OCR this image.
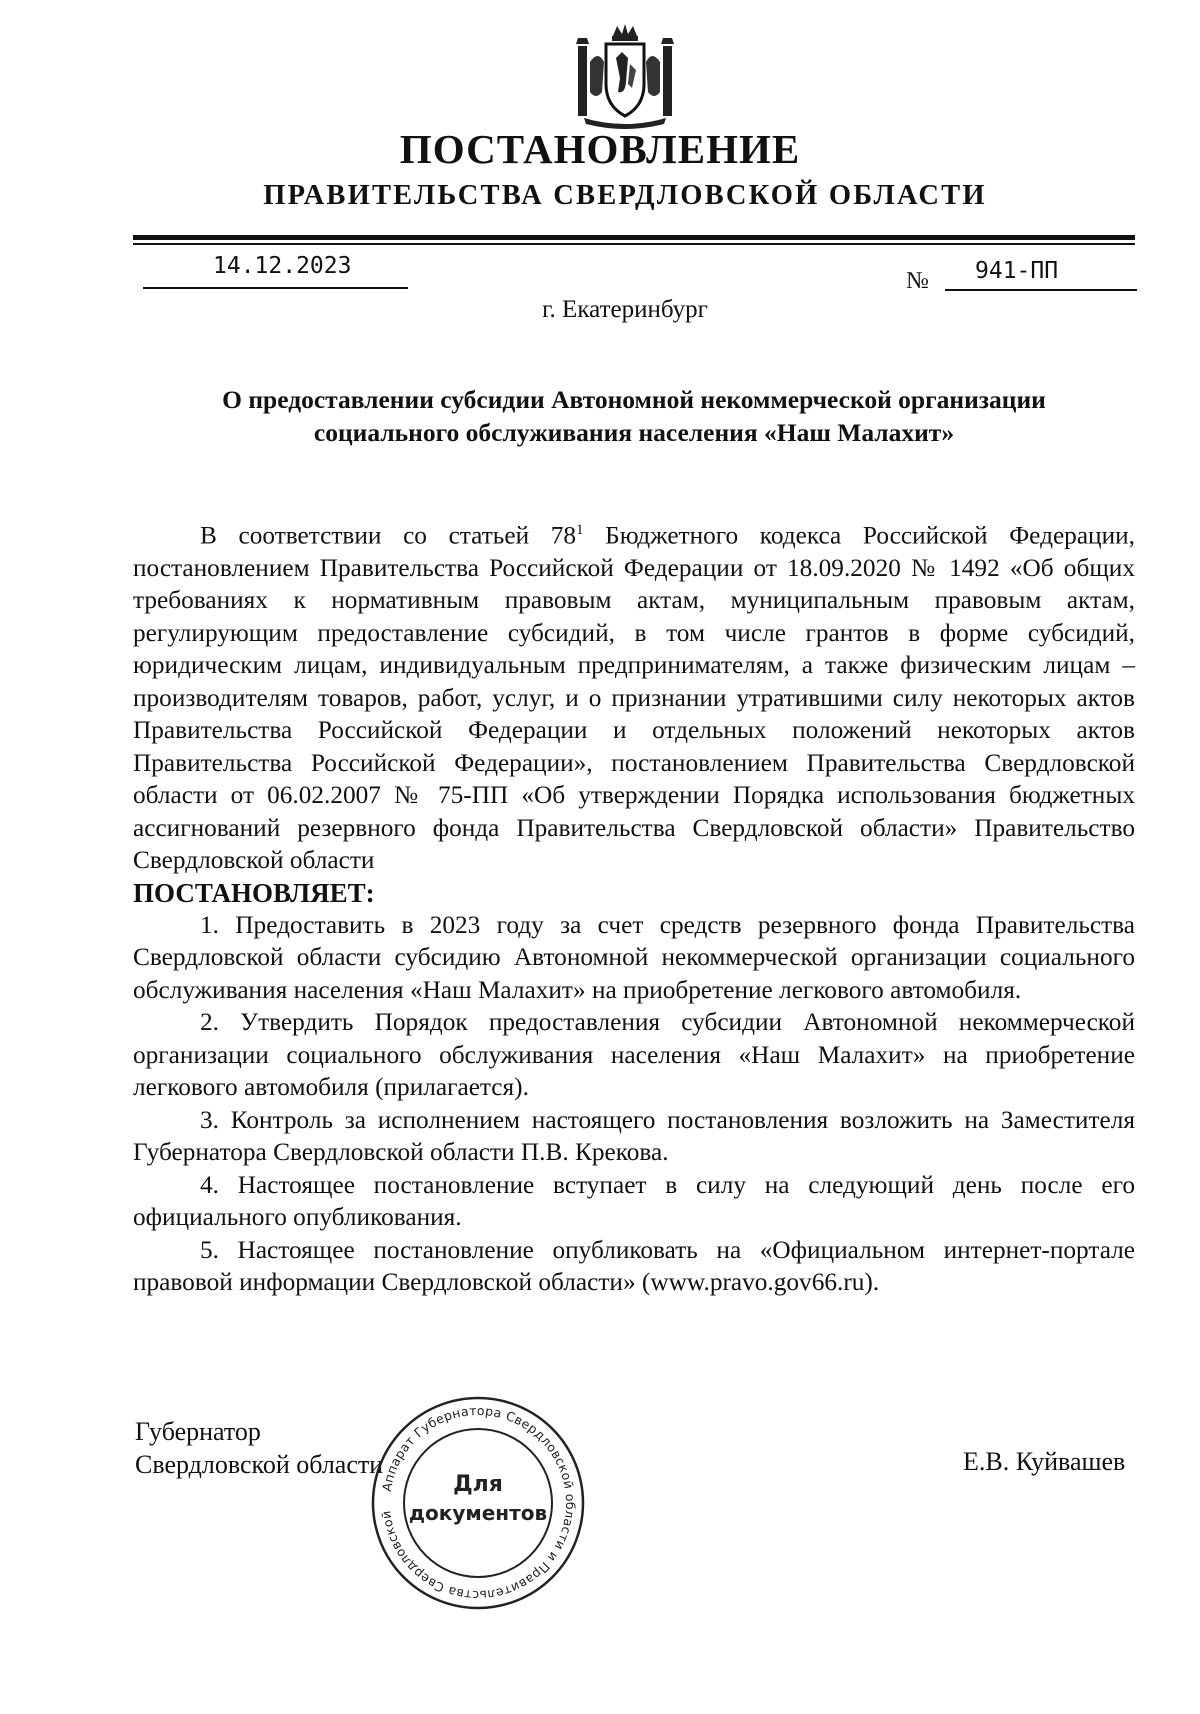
ПОСТАНОВЛЕНИЕ
ПРАВИТЕЛЬСТВА СВЕРДЛОВСКОЙ ОБЛАСТИ
14.12.2023
№ 941-ПП
г. Екатеринбург
О предоставлении субсидии Автономной некоммерческой организации
социального обслуживания населения «Наш Малахит»

В соответствии со статьей $78^1$ Бюджетного кодекса Российской Федерации, постановлением Правительства Российской Федерации от 18.09.2020 № 1492 «Об общих требованиях к нормативным правовым актам, муниципальным правовым актам, регулирующим предоставление субсидий, в том числе грантов в форме субсидий, юридическим лицам, индивидуальным предпринимателям, а также физическим лицам – производителям товаров, работ, услуг, и о признании утратившими силу некоторых актов Правительства Российской Федерации и отдельных положений некоторых актов Правительства Российской Федерации», постановлением Правительства Свердловской области от 06.02.2007 № 75-ПП «Об утверждении Порядка использования бюджетных ассигнований резервного фонда Правительства Свердловской области» Правительство Свердловской области

ПОСТАНОВЛЯЕТ:

1. Предоставить в 2023 году за счет средств резервного фонда Правительства Свердловской области субсидию Автономной некоммерческой организации социального обслуживания населения «Наш Малахит» на приобретение легкового автомобиля.

2. Утвердить Порядок предоставления субсидии Автономной некоммерческой организации социального обслуживания населения «Наш Малахит» на приобретение легкового автомобиля (прилагается).

3. Контроль за исполнением настоящего постановления возложить на Заместителя Губернатора Свердловской области П.В. Крекова.

4. Настоящее постановление вступает в силу на следующий день после его официального опубликования.

5. Настоящее постановление опубликовать на «Официальном интернет-портале правовой информации Свердловской области» (www.pravo.gov66.ru).

Губернатор
Свердловской области	Е.В. Куйвашев
Аппарат Губернатора Свердловской области и Правительства Свердловской
Для
документов
